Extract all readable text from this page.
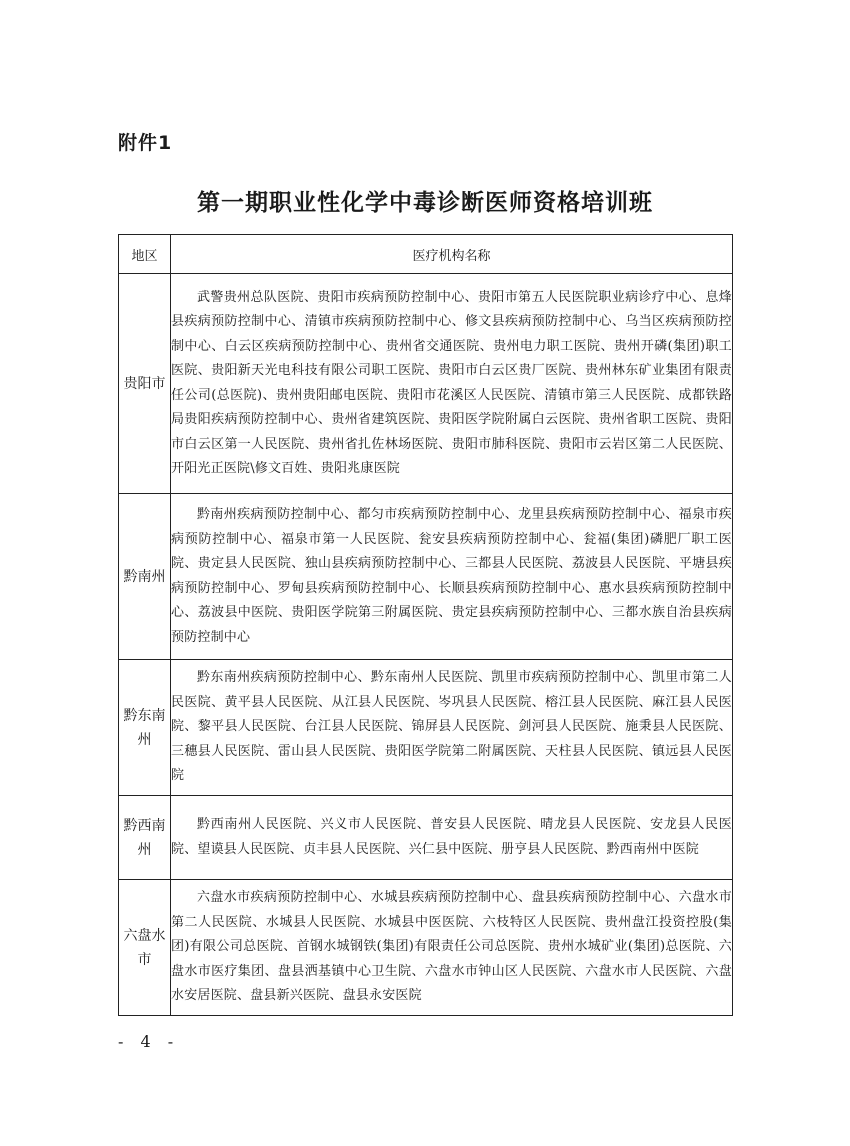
附件1
第一期职业性化学中毒诊断医师资格培训班
地区	医疗机构名称
贵阳市	武警贵州总队医院、贵阳市疾病预防控制中心、贵阳市第五人民医院职业病诊疗中心、息烽县疾病预防控制中心、清镇市疾病预防控制中心、修文县疾病预防控制中心、乌当区疾病预防控制中心、白云区疾病预防控制中心、贵州省交通医院、贵州电力职工医院、贵州开磷(集团)职工医院、贵阳新天光电科技有限公司职工医院、贵阳市白云区贵厂医院、贵州林东矿业集团有限责任公司(总医院)、贵州贵阳邮电医院、贵阳市花溪区人民医院、清镇市第三人民医院、成都铁路局贵阳疾病预防控制中心、贵州省建筑医院、贵阳医学院附属白云医院、贵州省职工医院、贵阳市白云区第一人民医院、贵州省扎佐林场医院、贵阳市肺科医院、贵阳市云岩区第二人民医院、开阳光正医院\修文百姓、贵阳兆康医院
黔南州	黔南州疾病预防控制中心、都匀市疾病预防控制中心、龙里县疾病预防控制中心、福泉市疾病预防控制中心、福泉市第一人民医院、瓮安县疾病预防控制中心、瓮福(集团)磷肥厂职工医院、贵定县人民医院、独山县疾病预防控制中心、三都县人民医院、荔波县人民医院、平塘县疾病预防控制中心、罗甸县疾病预防控制中心、长顺县疾病预防控制中心、惠水县疾病预防控制中心、荔波县中医院、贵阳医学院第三附属医院、贵定县疾病预防控制中心、三都水族自治县疾病预防控制中心
黔东南州	黔东南州疾病预防控制中心、黔东南州人民医院、凯里市疾病预防控制中心、凯里市第二人民医院、黄平县人民医院、从江县人民医院、岑巩县人民医院、榕江县人民医院、麻江县人民医院、黎平县人民医院、台江县人民医院、锦屏县人民医院、剑河县人民医院、施秉县人民医院、三穗县人民医院、雷山县人民医院、贵阳医学院第二附属医院、天柱县人民医院、镇远县人民医院
黔西南州	黔西南州人民医院、兴义市人民医院、普安县人民医院、晴龙县人民医院、安龙县人民医院、望谟县人民医院、贞丰县人民医院、兴仁县中医院、册亨县人民医院、黔西南州中医院
六盘水市	六盘水市疾病预防控制中心、水城县疾病预防控制中心、盘县疾病预防控制中心、六盘水市第二人民医院、水城县人民医院、水城县中医医院、六枝特区人民医院、贵州盘江投资控股(集团)有限公司总医院、首钢水城钢铁(集团)有限责任公司总医院、贵州水城矿业(集团)总医院、六盘水市医疗集团、盘县洒基镇中心卫生院、六盘水市钟山区人民医院、六盘水市人民医院、六盘水安居医院、盘县新兴医院、盘县永安医院
- 4 -
